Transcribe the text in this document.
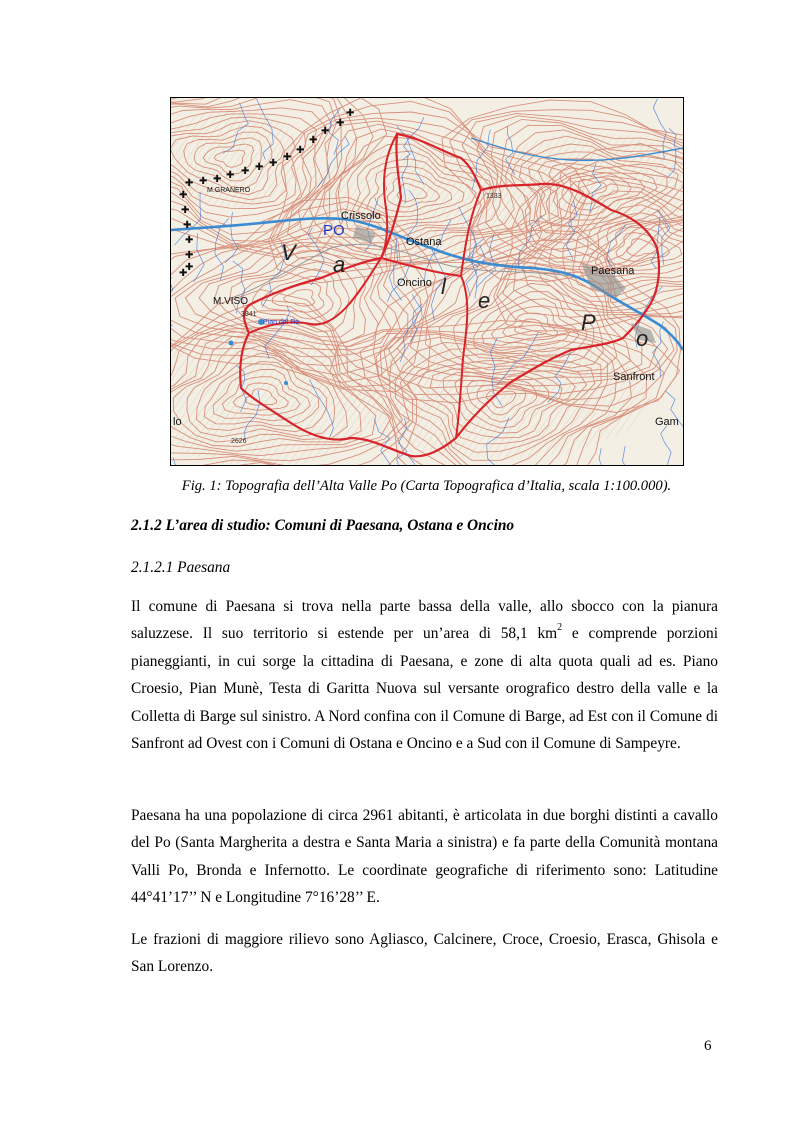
✚
✚
✚
✚
✚
✚
✚
✚
✚
✚
✚
✚
✚
✚
✚
✚
✚
✚
✚
✚
PO
V a
l
e
P
o
Crissolo
Ostana
Oncino
Paesana
M.VISO
Sanfront
Gam
Pian del Re
M.GRANERO
lo
2626
3841
1333
Fig. 1: Topografia dell’Alta Valle Po (Carta Topografica d’Italia, scala 1:100.000).
2.1.2 L’area di studio: Comuni di Paesana, Ostana e Oncino
2.1.2.1 Paesana

Il comune di Paesana si trova nella parte bassa della valle, allo sbocco con la pianura saluzzese. Il suo territorio si estende per un’area di 58,1 $km^2$ e comprende porzioni pianeggianti, in cui sorge la cittadina di Paesana, e zone di alta quota quali ad es. Piano Croesio, Pian Munè, Testa di Garitta Nuova sul versante orografico destro della valle e la Colletta di Barge sul sinistro. A Nord confina con il Comune di Barge, ad Est con il Comune di Sanfront ad Ovest con i Comuni di Ostana e Oncino e a Sud con il Comune di Sampeyre.

Paesana ha una popolazione di circa 2961 abitanti, è articolata in due borghi distinti a cavallo del Po (Santa Margherita a destra e Santa Maria a sinistra) e fa parte della Comunità montana Valli Po, Bronda e Infernotto. Le coordinate geografiche di riferimento sono: Latitudine 44°41’17’’ N e Longitudine 7°16’28’’ E.

Le frazioni di maggiore rilievo sono Agliasco, Calcinere, Croce, Croesio, Erasca, Ghisola e San Lorenzo.

6
